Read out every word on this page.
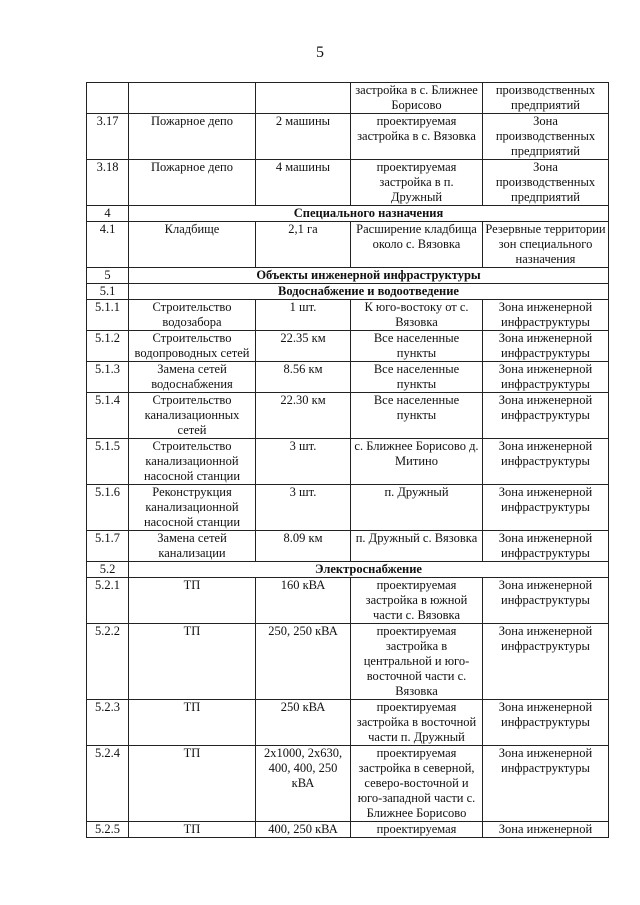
5
			застройка в с. Ближнее Борисово	производственных предприятий
3.17	Пожарное депо	2 машины	проектируемая застройка в с. Вязовка	Зона производственных предприятий
3.18	Пожарное депо	4 машины	проектируемая застройка в п. Дружный	Зона производственных предприятий
4	Специального назначения			
4.1	Кладбище	2,1 га	Расширение кладбища около с. Вязовка	Резервные территории зон специального назначения
5	Объекты инженерной инфраструктуры			
5.1	Водоснабжение и водоотведение			
5.1.1	Строительство водозабора	1 шт.	К юго-востоку от с. Вязовка	Зона инженерной инфраструктуры
5.1.2	Строительство водопроводных сетей	22.35 км	Все населенные пункты	Зона инженерной инфраструктуры
5.1.3	Замена сетей водоснабжения	8.56 км	Все населенные пункты	Зона инженерной инфраструктуры
5.1.4	Строительство канализационных сетей	22.30 км	Все населенные пункты	Зона инженерной инфраструктуры
5.1.5	Строительство канализационной насосной станции	3 шт.	с. Ближнее Борисово д. Митино	Зона инженерной инфраструктуры
5.1.6	Реконструкция канализационной насосной станции	3 шт.	п. Дружный	Зона инженерной инфраструктуры
5.1.7	Замена сетей канализации	8.09 км	п. Дружный с. Вязовка	Зона инженерной инфраструктуры
5.2	Электроснабжение			
5.2.1	ТП	160 кВА	проектируемая застройка в южной части с. Вязовка	Зона инженерной инфраструктуры
5.2.2	ТП	250, 250 кВА	проектируемая застройка в центральной и юго-восточной части с. Вязовка	Зона инженерной инфраструктуры
5.2.3	ТП	250 кВА	проектируемая застройка в восточной части п. Дружный	Зона инженерной инфраструктуры
5.2.4	ТП	2х1000, 2х630, 400, 400, 250 кВА	проектируемая застройка в северной, северо-восточной и юго-западной части с. Ближнее Борисово	Зона инженерной инфраструктуры
5.2.5	ТП	400, 250 кВА	проектируемая	Зона инженерной
